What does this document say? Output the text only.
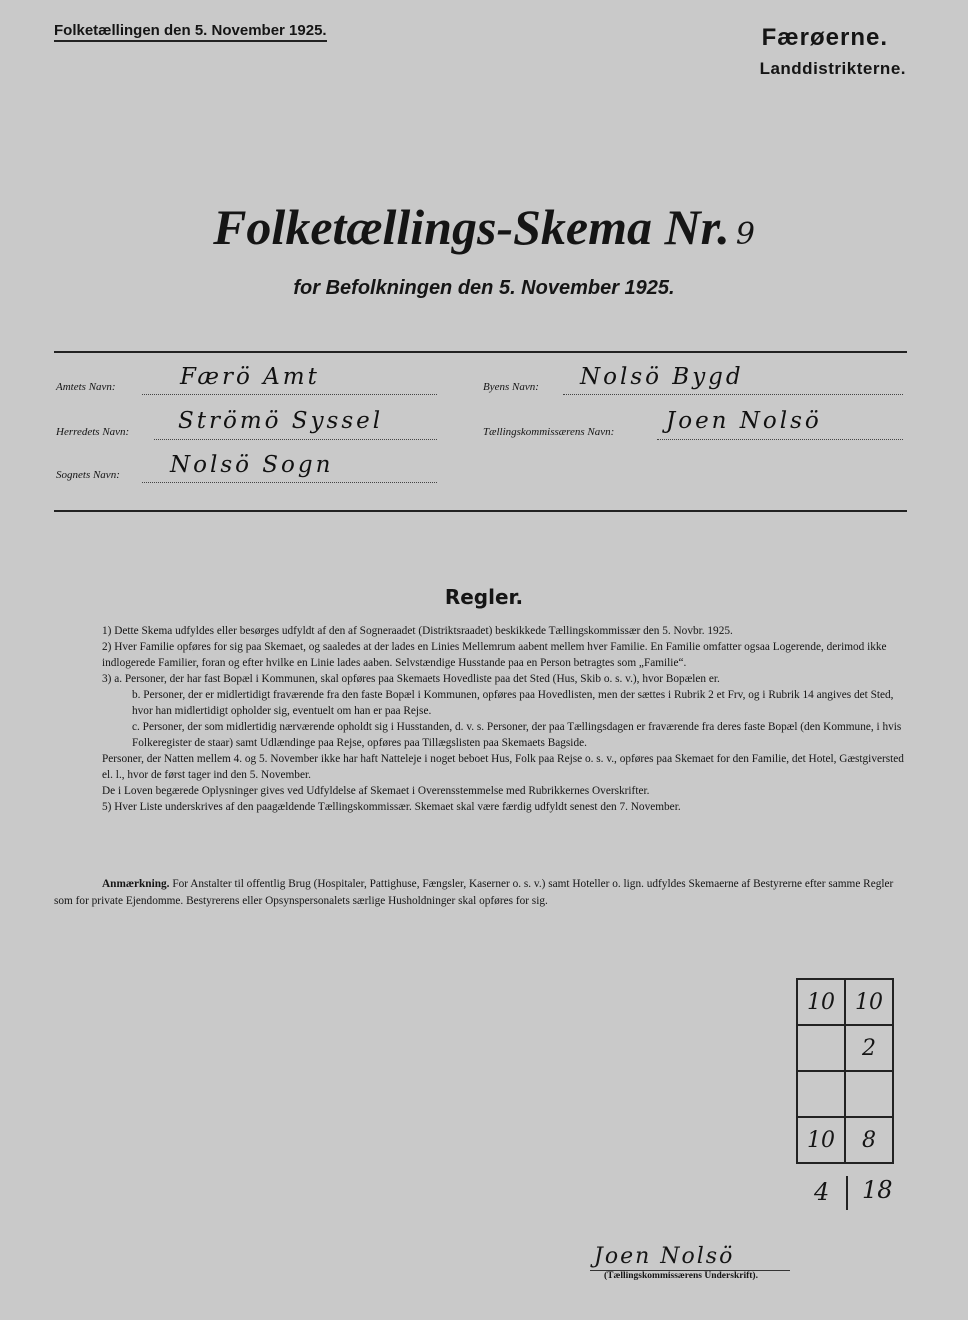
Folketællingen den 5. November 1925.	Færøerne.
Landdistrikterne.
Folketællings-Skema Nr. 9
for Befolkningen den 5. November 1925.
Amtets Navn:	Færö Amt	Byens Navn: Nolsö Bygd
Herredets Navn: Strömö Syssel	Tællingskommissærens Navn: Joen Nolsö
Sognets Navn: Nolsö Sogn
Regler.
1) Dette Skema udfyldes eller besørges udfyldt af den af Sogneraadet (Distriktsraadet) beskikkede Tællingskommissær den 5. Novbr. 1925.
2) Hver Familie opføres for sig paa Skemaet, og saaledes at der lades en Linies Mellemrum aabent mellem hver Familie. En Familie omfatter ogsaa Logerende, derimod ikke indlogerede Familier, foran og efter hvilke en Linie lades aaben. Selvstændige Husstande paa en Person betragtes som „Familie“.
3) a. Personer, der har fast Bopæl i Kommunen, skal opføres paa Skemaets Hovedliste paa det Sted (Hus, Skib o. s. v.), hvor Bopælen er.
b. Personer, der er midlertidigt fraværende fra den faste Bopæl i Kommunen, opføres paa Hovedlisten, men der sættes i Rubrik 2 et Frv, og i Rubrik 14 angives det Sted, hvor han midlertidigt opholder sig, eventuelt om han er paa Rejse.
c. Personer, der som midlertidig nærværende opholdt sig i Husstanden, d. v. s. Personer, der paa Tællingsdagen er fraværende fra deres faste Bopæl (den Kommune, i hvis Folkeregister de staar) samt Udlændinge paa Rejse, opføres paa Tillægslisten paa Skemaets Bagside.
Personer, der Natten mellem 4. og 5. November ikke har haft Natteleje i noget beboet Hus, Folk paa Rejse o. s. v., opføres paa Skemaet for den Familie, det Hotel, Gæstgiversted el. l., hvor de først tager ind den 5. November.
De i Loven begærede Oplysninger gives ved Udfyldelse af Skemaet i Overensstemmelse med Rubrikkernes Overskrifter.
5) Hver Liste underskrives af den paagældende Tællingskommissær. Skemaet skal være færdig udfyldt senest den 7. November.
Anmærkning. For Anstalter til offentlig Brug (Hospitaler, Pattighuse, Fængsler, Kaserner o. s. v.) samt Hoteller o. lign. udfyldes Skemaerne af Bestyrerne efter samme Regler som for private Ejendomme. Bestyrerens eller Opsynspersonalets særlige Husholdninger skal opføres for sig.
10	10
	2

10	8
4	18
Joen Nolsö
(Tællingskommissærens Underskrift).
